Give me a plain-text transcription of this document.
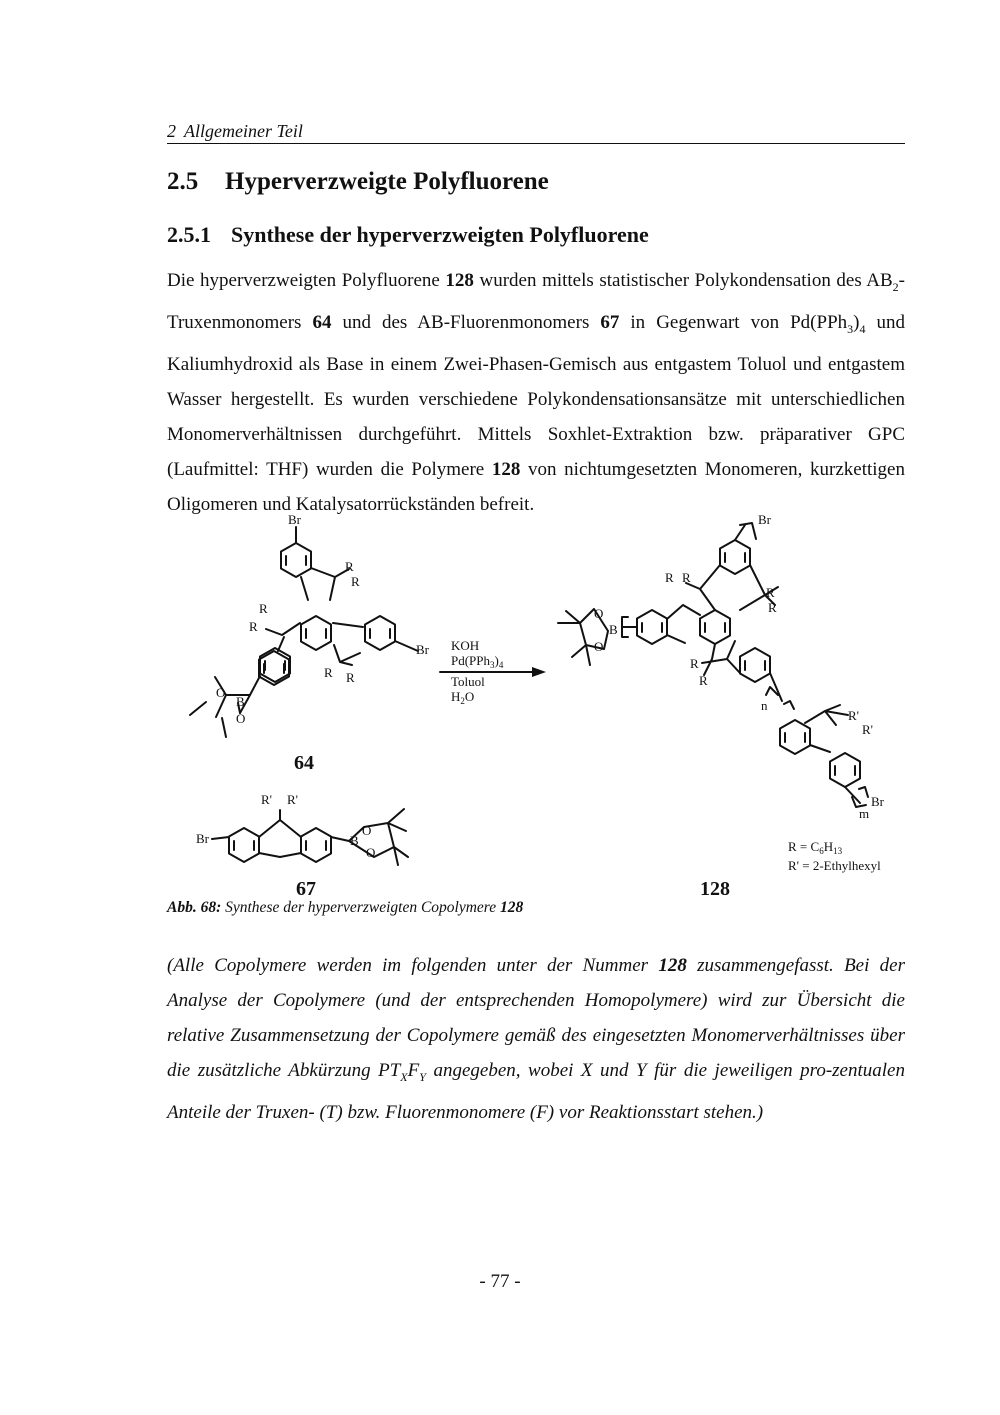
2 Allgemeiner Teil
2.5 Hyperverzweigte Polyfluorene
2.5.1 Synthese der hyperverzweigten Polyfluorene

Die hyperverzweigten Polyfluorene 128 wurden mittels statistischer Polykondensation des $AB_2$-Truxenmonomers 64 und des AB-Fluorenmonomers 67 in Gegenwart von $Pd(PPh_3)_4$ und Kaliumhydroxid als Base in einem Zwei-Phasen-Gemisch aus entgastem Toluol und entgastem Wasser hergestellt. Es wurden verschiedene Polykondensationsansätze mit unterschiedlichen Monomerverhältnissen durchgeführt. Mittels Soxhlet-Extraktion bzw. präparativer GPC (Laufmittel: THF) wurden die Polymere 128 von nichtumgesetzten Monomeren, kurzkettigen Oligomeren und Katalysatorrückständen befreit.

Br
R
R
R
R
Br
R R
O
B
O
64
Br
R' R'
B
O
O
67
KOH
$Pd(PPh_3)_4$
Toluol
$H_2O$
O
B
O
Br
R R
R
R
R
R
n
R'
R'
Br
m
$R = C_6H_{13}$
R' = 2-Ethylhexyl
128
Abb. 68: Synthese der hyperverzweigten Copolymere 128

(Alle Copolymere werden im folgenden unter der Nummer 128 zusammengefasst. Bei der Analyse der Copolymere (und der entsprechenden Homopolymere) wird zur Übersicht die relative Zusammensetzung der Copolymere gemäß des eingesetzten Monomerverhältnisses über die zusätzliche Abkürzung $PT_XF_Y$ angegeben, wobei X und Y für die jeweiligen pro-zentualen Anteile der Truxen- (T) bzw. Fluorenmonomere (F) vor Reaktionsstart stehen.)

- 77 -
